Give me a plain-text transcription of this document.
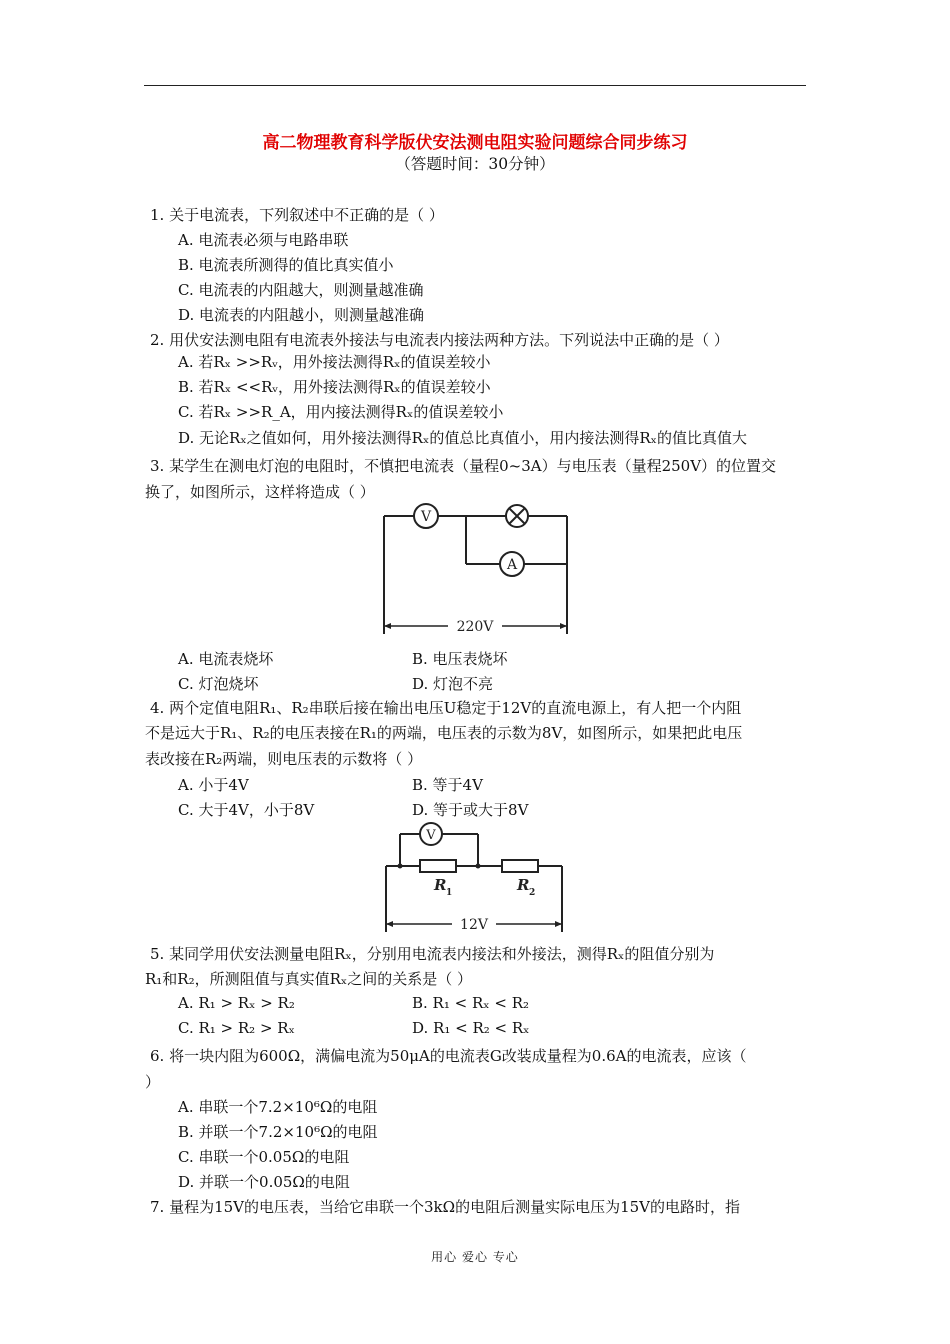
高二物理教育科学版伏安法测电阻实验问题综合同步练习
（答题时间：30分钟）
1. 关于电流表，下列叙述中不正确的是（ ）
A. 电流表必须与电路串联
B. 电流表所测得的值比真实值小
C. 电流表的内阻越大，则测量越准确
D. 电流表的内阻越小，则测量越准确
2. 用伏安法测电阻有电流表外接法与电流表内接法两种方法。下列说法中正确的是（ ）
A. 若Rₓ >>Rᵥ，用外接法测得Rₓ的值误差较小
B. 若Rₓ <<Rᵥ，用外接法测得Rₓ的值误差较小
C. 若Rₓ >>R_A，用内接法测得Rₓ的值误差较小
D. 无论Rₓ之值如何，用外接法测得Rₓ的值总比真值小，用内接法测得Rₓ的值比真值大
3. 某学生在测电灯泡的电阻时，不慎把电流表（量程0~3A）与电压表（量程250V）的位置交
换了，如图所示，这样将造成（ ）
V
A
220V
A. 电流表烧坏	B. 电压表烧坏
C. 灯泡烧坏	D. 灯泡不亮
4. 两个定值电阻R₁、R₂串联后接在输出电压U稳定于12V的直流电源上，有人把一个内阻
不是远大于R₁、R₂的电压表接在R₁的两端，电压表的示数为8V，如图所示，如果把此电压
表改接在R₂两端，则电压表的示数将（ ）
A. 小于4V	B. 等于4V
C. 大于4V，小于8V	D. 等于或大于8V
V
R 1	R 2
12V
5. 某同学用伏安法测量电阻Rₓ，分别用电流表内接法和外接法，测得Rₓ的阻值分别为
R₁和R₂，所测阻值与真实值Rₓ之间的关系是（ ）
A. R₁ > Rₓ > R₂	B. R₁ < Rₓ < R₂
C. R₁ > R₂ > Rₓ	D. R₁ < R₂ < Rₓ
6. 将一块内阻为600Ω，满偏电流为50μA的电流表G改装成量程为0.6A的电流表，应该（
）
A. 串联一个7.2×10⁶Ω的电阻
B. 并联一个7.2×10⁶Ω的电阻
C. 串联一个0.05Ω的电阻
D. 并联一个0.05Ω的电阻
7. 量程为15V的电压表，当给它串联一个3kΩ的电阻后测量实际电压为15V的电路时，指
用心 爱心 专心
